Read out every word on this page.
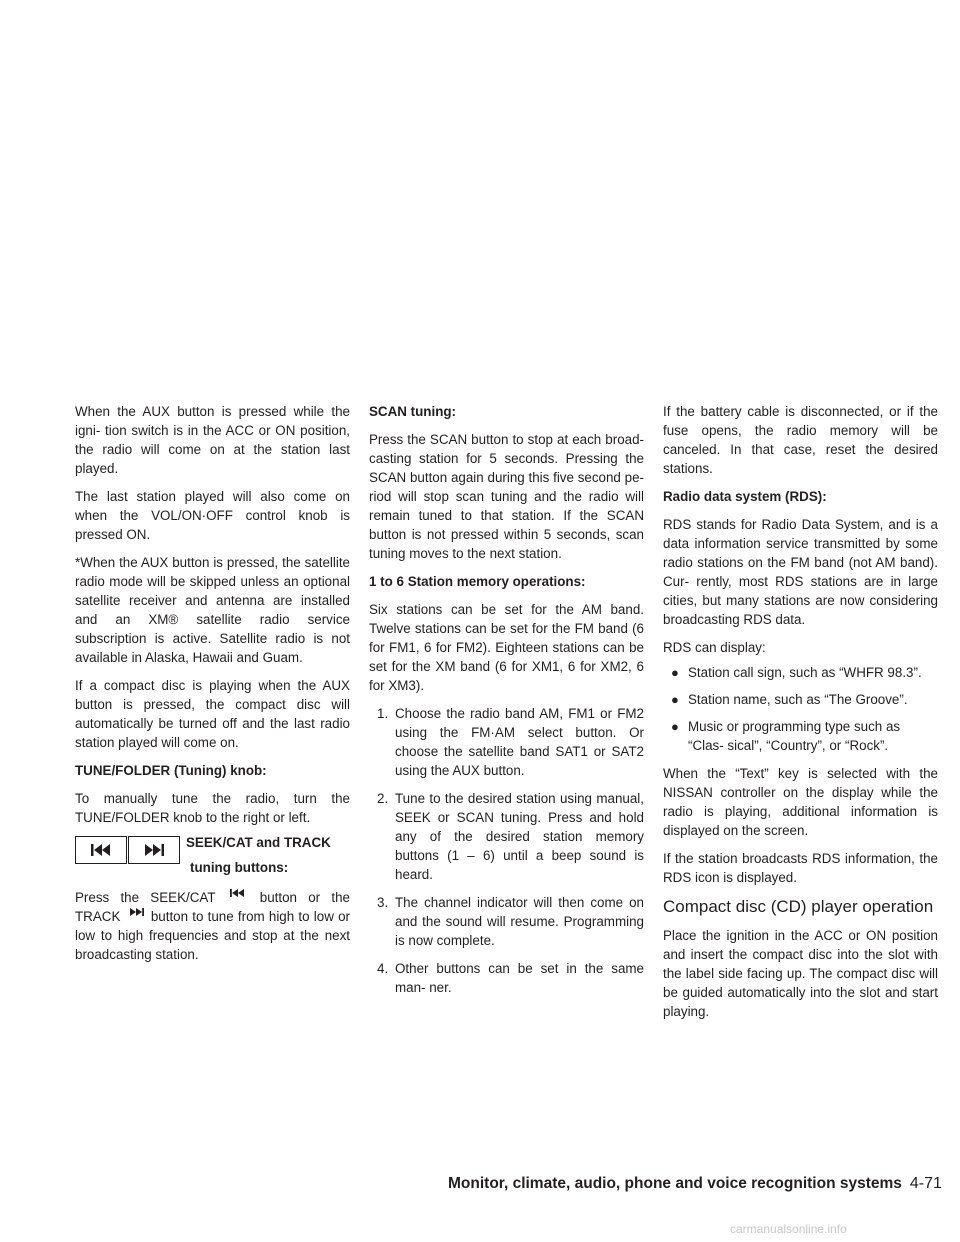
When the AUX button is pressed while the igni- tion switch is in the ACC or ON position, the radio will come on at the station last played.

The last station played will also come on when the VOL/ON·OFF control knob is pressed ON.

*When the AUX button is pressed, the satellite radio mode will be skipped unless an optional satellite receiver and antenna are installed and an XM® satellite radio service subscription is active. Satellite radio is not available in Alaska, Hawaii and Guam.

If a compact disc is playing when the AUX button is pressed, the compact disc will automatically be turned off and the last radio station played will come on.

TUNE/FOLDER (Tuning) knob:

To manually tune the radio, turn the TUNE/FOLDER knob to the right or left.

SEEK/CAT and TRACK
tuning buttons:

Press the SEEK/CAT	button or the TRACK button to tune from high to low or low to high frequencies and stop at the next broadcasting station.

SCAN tuning:

Press the SCAN button to stop at each broad- casting station for 5 seconds. Pressing the SCAN button again during this five second pe- riod will stop scan tuning and the radio will remain tuned to that station. If the SCAN button is not pressed within 5 seconds, scan tuning moves to the next station.

1 to 6 Station memory operations:

Six stations can be set for the AM band. Twelve stations can be set for the FM band (6 for FM1, 6 for FM2). Eighteen stations can be set for the XM band (6 for XM1, 6 for XM2, 6 for XM3).

1. Choose the radio band AM, FM1 or FM2 using the FM·AM select button. Or choose the satellite band SAT1 or SAT2 using the AUX button.
2. Tune to the desired station using manual, SEEK or SCAN tuning. Press and hold any of the desired station memory buttons (1 – 6) until a beep sound is heard.
3. The channel indicator will then come on and the sound will resume. Programming is now complete.
4. Other buttons can be set in the same man- ner.

If the battery cable is disconnected, or if the fuse opens, the radio memory will be canceled. In that case, reset the desired stations.

Radio data system (RDS):

RDS stands for Radio Data System, and is a data information service transmitted by some radio stations on the FM band (not AM band). Cur- rently, most RDS stations are in large cities, but many stations are now considering broadcasting RDS data.

RDS can display:

● Station call sign, such as “WHFR 98.3”.
● Station name, such as “The Groove”.
● Music or programming type such as “Clas- sical”, “Country”, or “Rock”.

When the “Text” key is selected with the NISSAN controller on the display while the radio is playing, additional information is displayed on the screen.

If the station broadcasts RDS information, the RDS icon is displayed.

Compact disc (CD) player operation

Place the ignition in the ACC or ON position and insert the compact disc into the slot with the label side facing up. The compact disc will be guided automatically into the slot and start playing.

Monitor, climate, audio, phone and voice recognition systems 4-71
carmanualsonline.info
